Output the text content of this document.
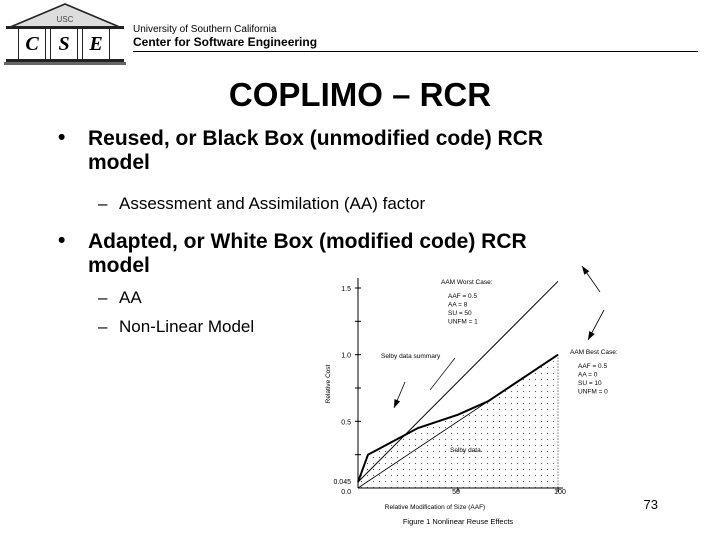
USC
C S E
University of Southern California
Center for Software Engineering
COPLIMO – RCR
• Reused, or Black Box (unmodified code) RCR
model
– Assessment and Assimilation (AA) factor
• Adapted, or White Box (modified code) RCR
model
– AA
– Non-Linear Model
0.0
0.045
0.5
1.0
1.5
50	100
Relative Cost
Relative Modification of Size (AAF)
Figure 1 Nonlinear Reuse Effects
AAM Worst Case:
AAF = 0.5
AA = 8
SU = 50
UNFM = 1
AAM Best Case:
AAF = 0.5
AA = 0
SU = 10
UNFM = 0
Selby data summary
Selby data
73
